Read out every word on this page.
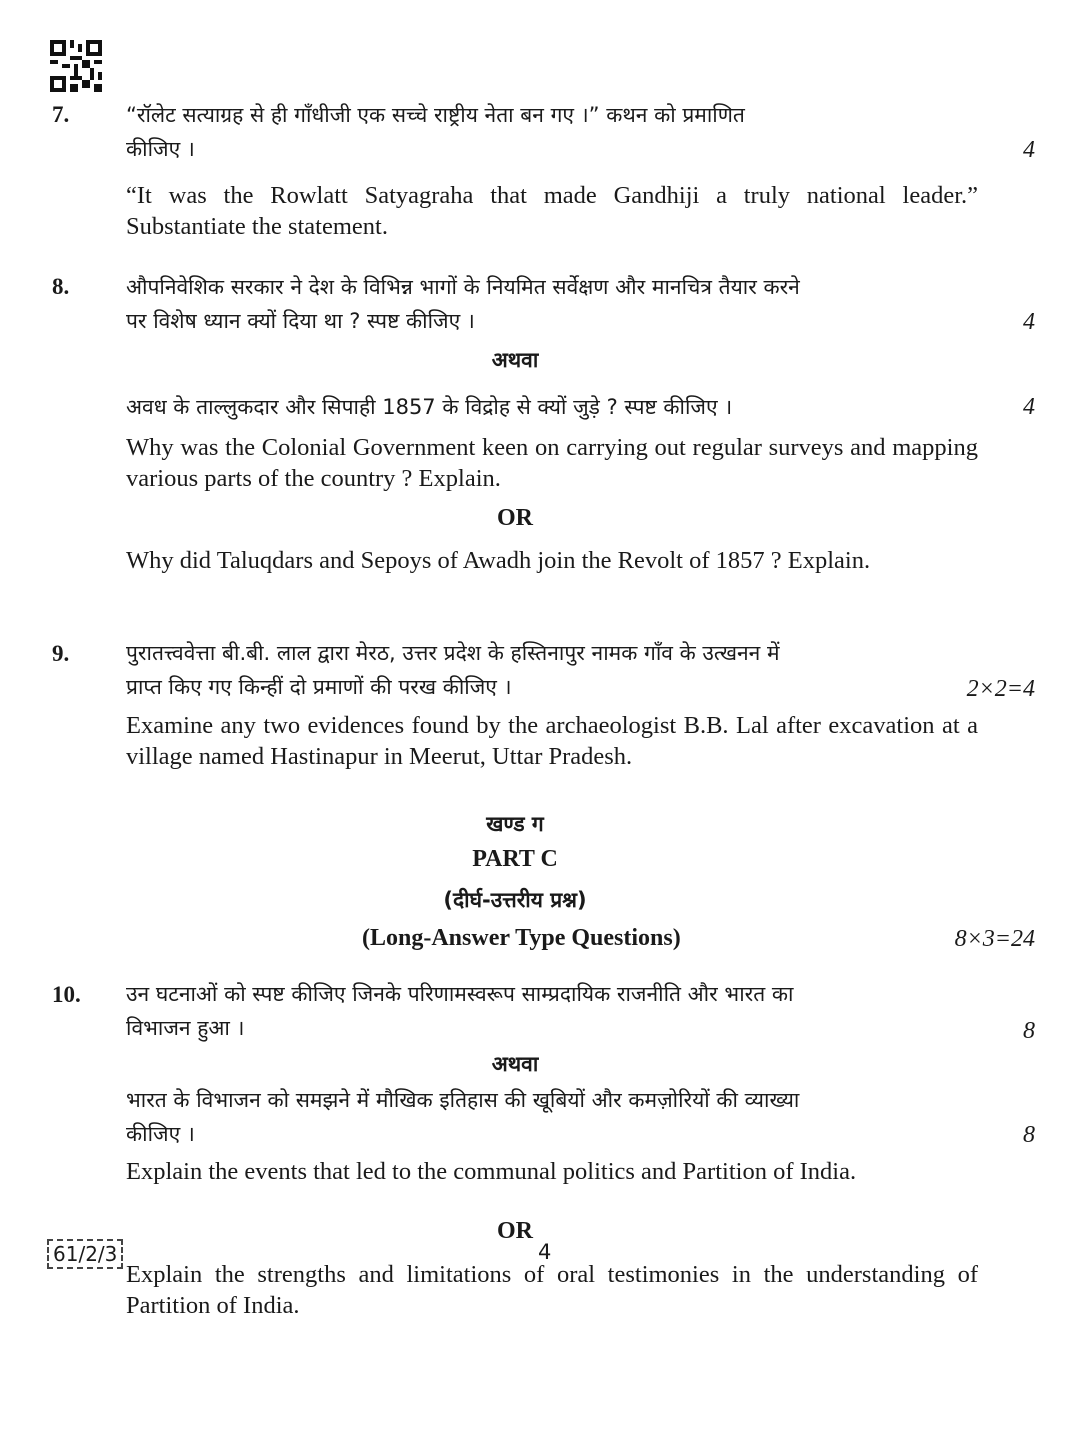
7.	“रॉलेट सत्याग्रह से ही गाँधीजी एक सच्चे राष्ट्रीय नेता बन गए ।” कथन को प्रमाणित
कीजिए ।	4
“It was the Rowlatt Satyagraha that made Gandhiji a truly national leader.” Substantiate the statement.
8.	औपनिवेशिक सरकार ने देश के विभिन्न भागों के नियमित सर्वेक्षण और मानचित्र तैयार करने
पर विशेष ध्यान क्यों दिया था ? स्पष्ट कीजिए ।	4
अथवा
अवध के ताल्लुकदार और सिपाही 1857 के विद्रोह से क्यों जुड़े ? स्पष्ट कीजिए ।	4
Why was the Colonial Government keen on carrying out regular surveys and mapping various parts of the country ? Explain.
OR
Why did Taluqdars and Sepoys of Awadh join the Revolt of 1857 ? Explain.
9.	पुरातत्त्ववेत्ता बी.बी. लाल द्वारा मेरठ, उत्तर प्रदेश के हस्तिनापुर नामक गाँव के उत्खनन में
प्राप्त किए गए किन्हीं दो प्रमाणों की परख कीजिए ।	2×2=4
Examine any two evidences found by the archaeologist B.B. Lal after excavation at a village named Hastinapur in Meerut, Uttar Pradesh.
खण्ड ग
PART C
(दीर्घ-उत्तरीय प्रश्न)
(Long-Answer Type Questions)	8×3=24
10. उन घटनाओं को स्पष्ट कीजिए जिनके परिणामस्वरूप साम्प्रदायिक राजनीति और भारत का
विभाजन हुआ ।	8
अथवा
भारत के विभाजन को समझने में मौखिक इतिहास की खूबियों और कमज़ोरियों की व्याख्या
कीजिए ।	8
Explain the events that led to the communal politics and Partition of India.
OR
Explain the strengths and limitations of oral testimonies in the understanding of Partition of India.
61/2/3	4
